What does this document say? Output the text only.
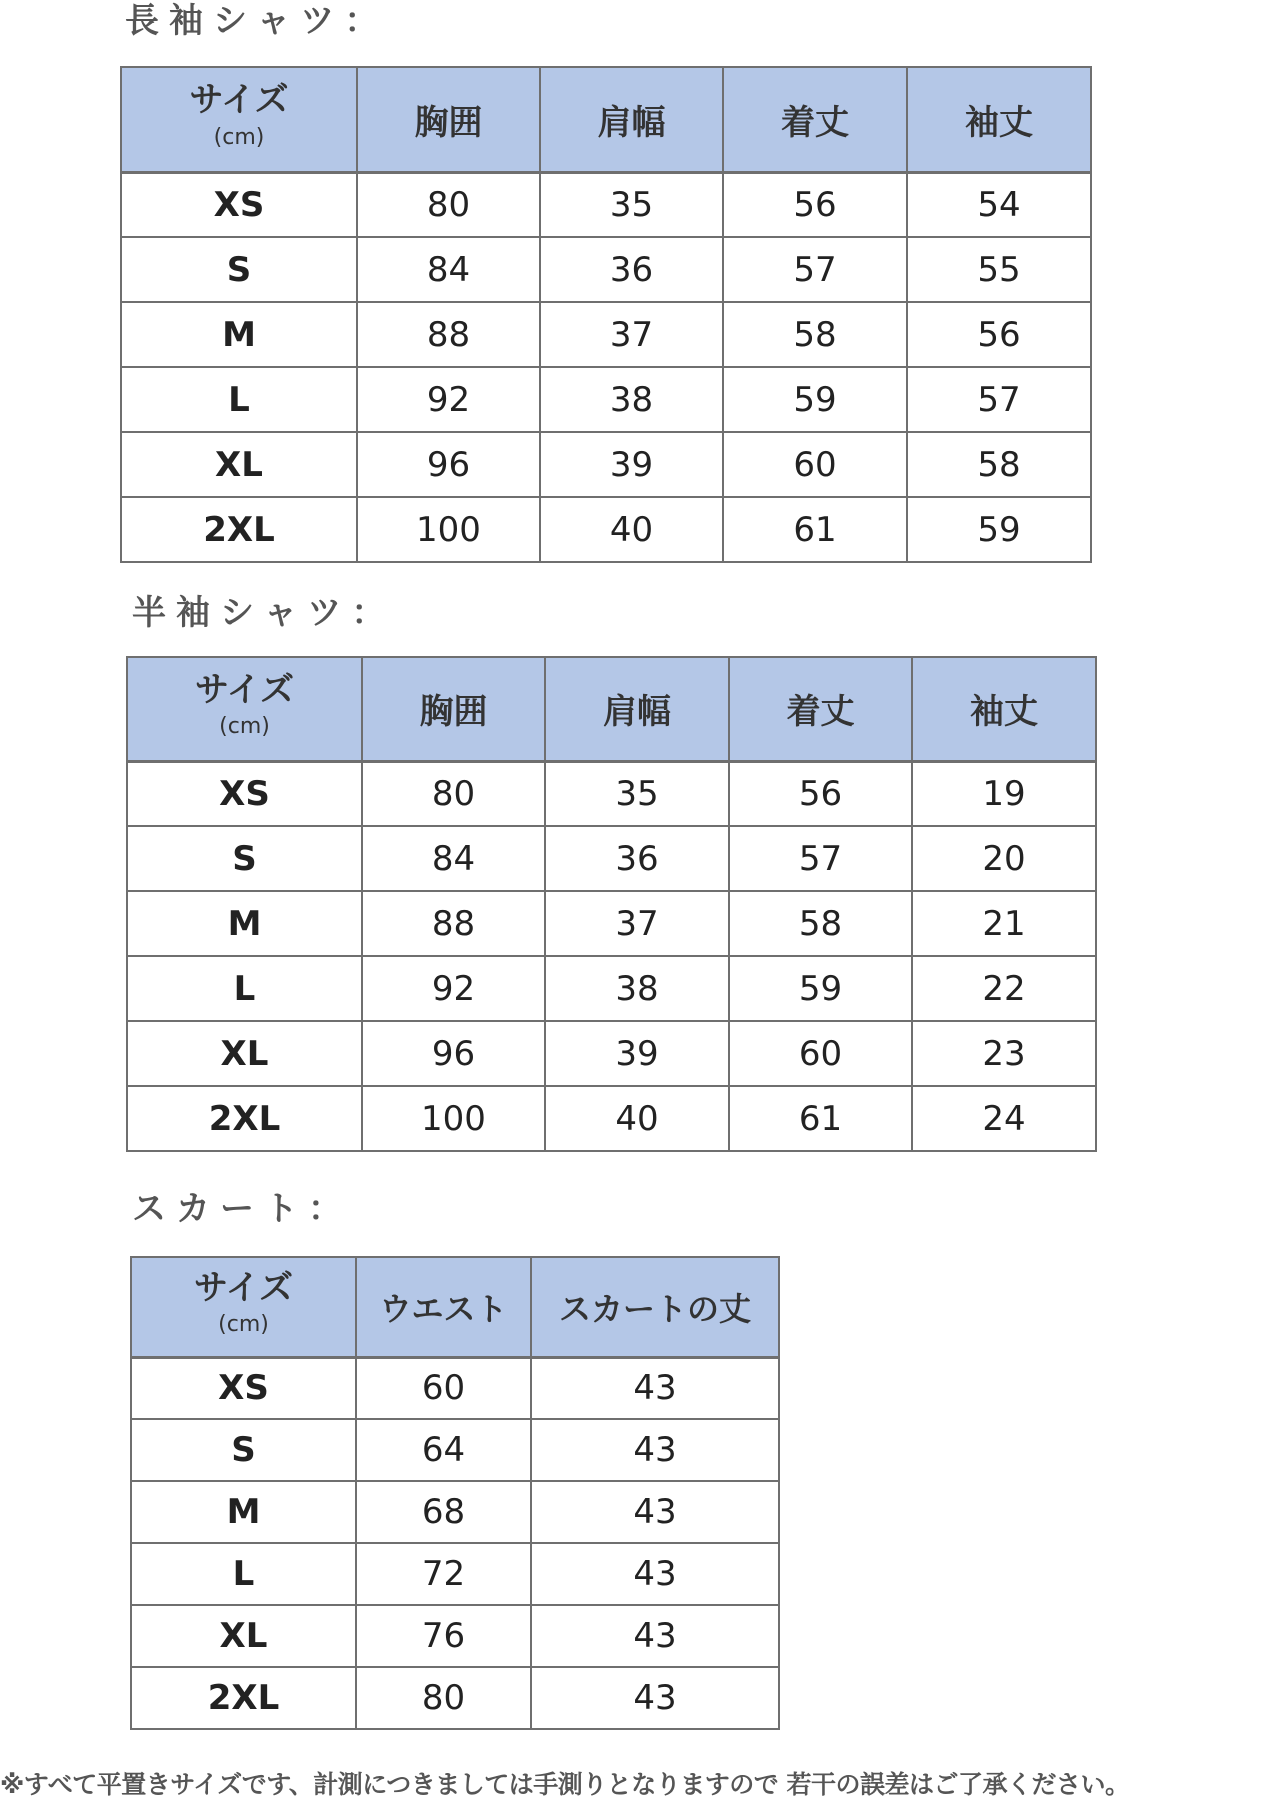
長袖シャツ：
サイズ
(cm)	胸囲	肩幅	着丈	袖丈
XS	80	35	56	54
S	84	36	57	55
M	88	37	58	56
L	92	38	59	57
XL	96	39	60	58
2XL	100	40	61	59
半袖シャツ：
サイズ
(cm)	胸囲	肩幅	着丈	袖丈
XS	80	35	56	19
S	84	36	57	20
M	88	37	58	21
L	92	38	59	22
XL	96	39	60	23
2XL	100	40	61	24
スカート：
サイズ
(cm)	ウエスト	スカートの丈
XS	60	43
S	64	43
M	68	43
L	72	43
XL	76	43
2XL	80	43
※すべて平置きサイズです、計測につきましては手測りとなりますので 若干の誤差はご了承ください。
